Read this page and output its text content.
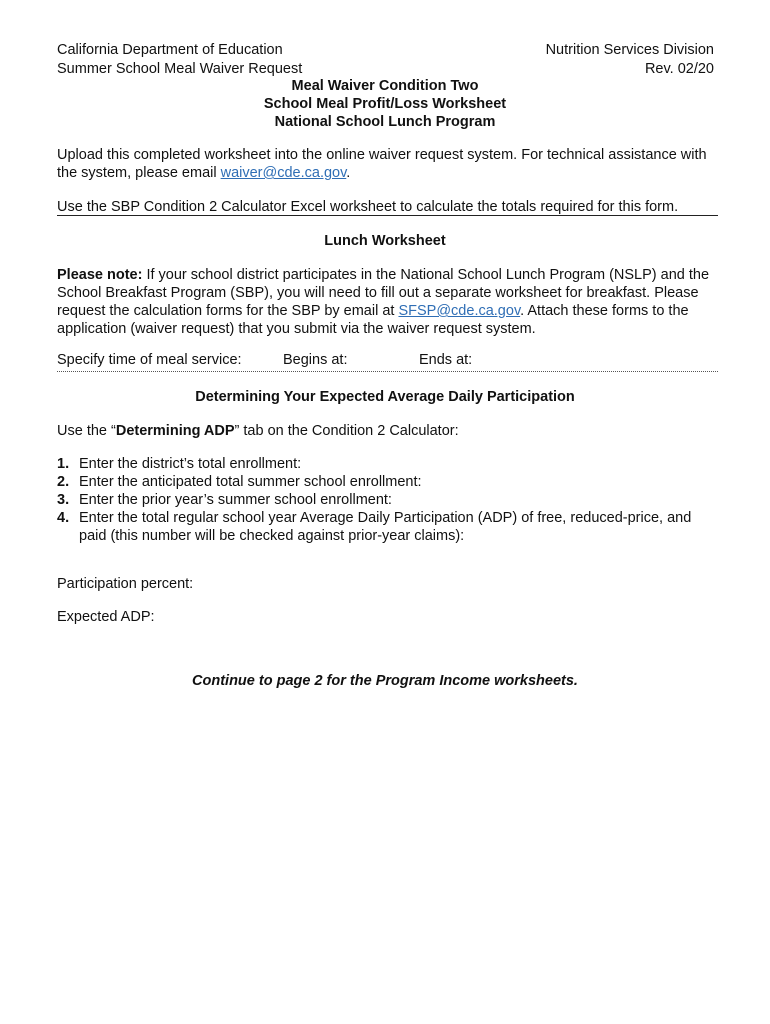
California Department of Education	Nutrition Services Division
Summer School Meal Waiver Request	Rev. 02/20
Meal Waiver Condition Two
School Meal Profit/Loss Worksheet
National School Lunch Program
Upload this completed worksheet into the online waiver request system. For technical assistance with the system, please email waiver@cde.ca.gov.
Use the SBP Condition 2 Calculator Excel worksheet to calculate the totals required for this form.
Lunch Worksheet
Please note: If your school district participates in the National School Lunch Program (NSLP) and the School Breakfast Program (SBP), you will need to fill out a separate worksheet for breakfast. Please request the calculation forms for the SBP by email at SFSP@cde.ca.gov. Attach these forms to the application (waiver request) that you submit via the waiver request system.
Specify time of meal service:	Begins at:	Ends at:
Determining Your Expected Average Daily Participation
Use the “Determining ADP” tab on the Condition 2 Calculator:
1. Enter the district’s total enrollment:
2. Enter the anticipated total summer school enrollment:
3. Enter the prior year’s summer school enrollment:
4. Enter the total regular school year Average Daily Participation (ADP) of free, reduced-price, and paid (this number will be checked against prior-year claims):
Participation percent:
Expected ADP:
Continue to page 2 for the Program Income worksheets.
